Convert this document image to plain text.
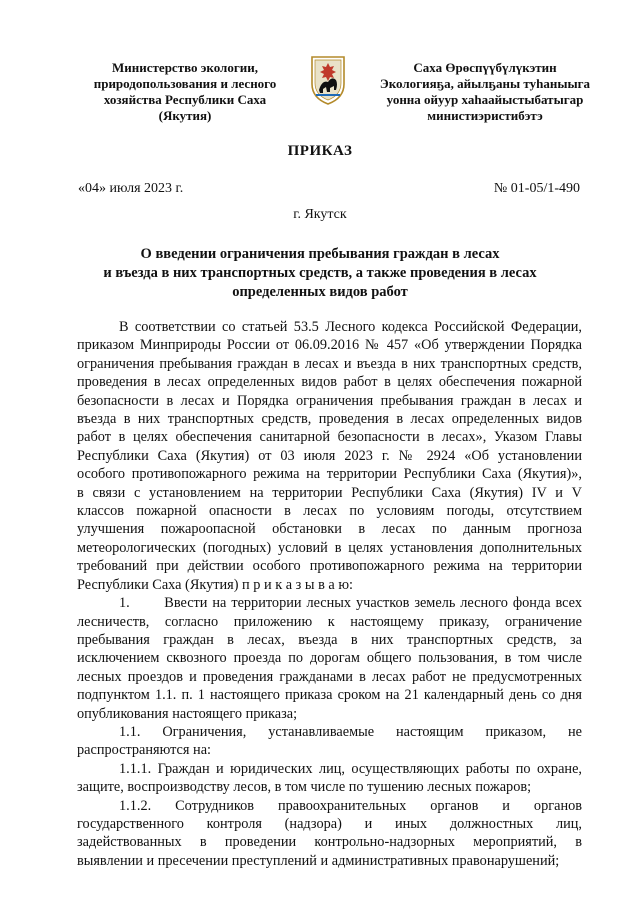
Министерство экологии,
природопользования и лесного
хозяйства Республики Саха
(Якутия)
Саха Өрөспүүбүлүкэтин
Экологияҕа, айылҕаны туһаныыга
уонна ойуур хаһаайыстыбатыгар
министиэристибэтэ
ПРИКАЗ
«04» июля 2023 г.	№ 01-05/1-490
г. Якутск
О введении ограничения пребывания граждан в лесах
и въезда в них транспортных средств, а также проведения в лесах
определенных видов работ
В соответствии со статьей 53.5 Лесного кодекса Российской Федерации,
приказом Минприроды России от 06.09.2016 № 457 «Об утверждении Порядка
ограничения пребывания граждан в лесах и въезда в них транспортных средств,
проведения в лесах определенных видов работ в целях обеспечения пожарной
безопасности в лесах и Порядка ограничения пребывания граждан в лесах и
въезда в них транспортных средств, проведения в лесах определенных видов
работ в целях обеспечения санитарной безопасности в лесах», Указом Главы
Республики Саха (Якутия) от 03 июля 2023 г. № 2924 «Об установлении
особого противопожарного режима на территории Республики Саха (Якутия)»,
в связи с установлением на территории Республики Саха (Якутия) IV и V
классов пожарной опасности в лесах по условиям погоды, отсутствием
улучшения пожароопасной обстановки в лесах по данным прогноза
метеорологических (погодных) условий в целях установления дополнительных
требований при действии особого противопожарного режима на территории
Республики Саха (Якутия) п р и к а з ы в а ю:
1.       Ввести на территории лесных участков земель лесного фонда всех
лесничеств, согласно приложению к настоящему приказу, ограничение
пребывания граждан в лесах, въезда в них транспортных средств, за
исключением сквозного проезда по дорогам общего пользования, в том числе
лесных проездов и проведения гражданами в лесах работ не предусмотренных
подпунктом 1.1. п. 1 настоящего приказа сроком на 21 календарный день со дня
опубликования настоящего приказа;
1.1. Ограничения, устанавливаемые настоящим приказом, не
распространяются на:
1.1.1. Граждан и юридических лиц, осуществляющих работы по охране,
защите, воспроизводству лесов, в том числе по тушению лесных пожаров;
1.1.2. Сотрудников правоохранительных органов и органов
государственного контроля (надзора) и иных должностных лиц,
задействованных в проведении контрольно-надзорных мероприятий, в
выявлении и пресечении преступлений и административных правонарушений;
